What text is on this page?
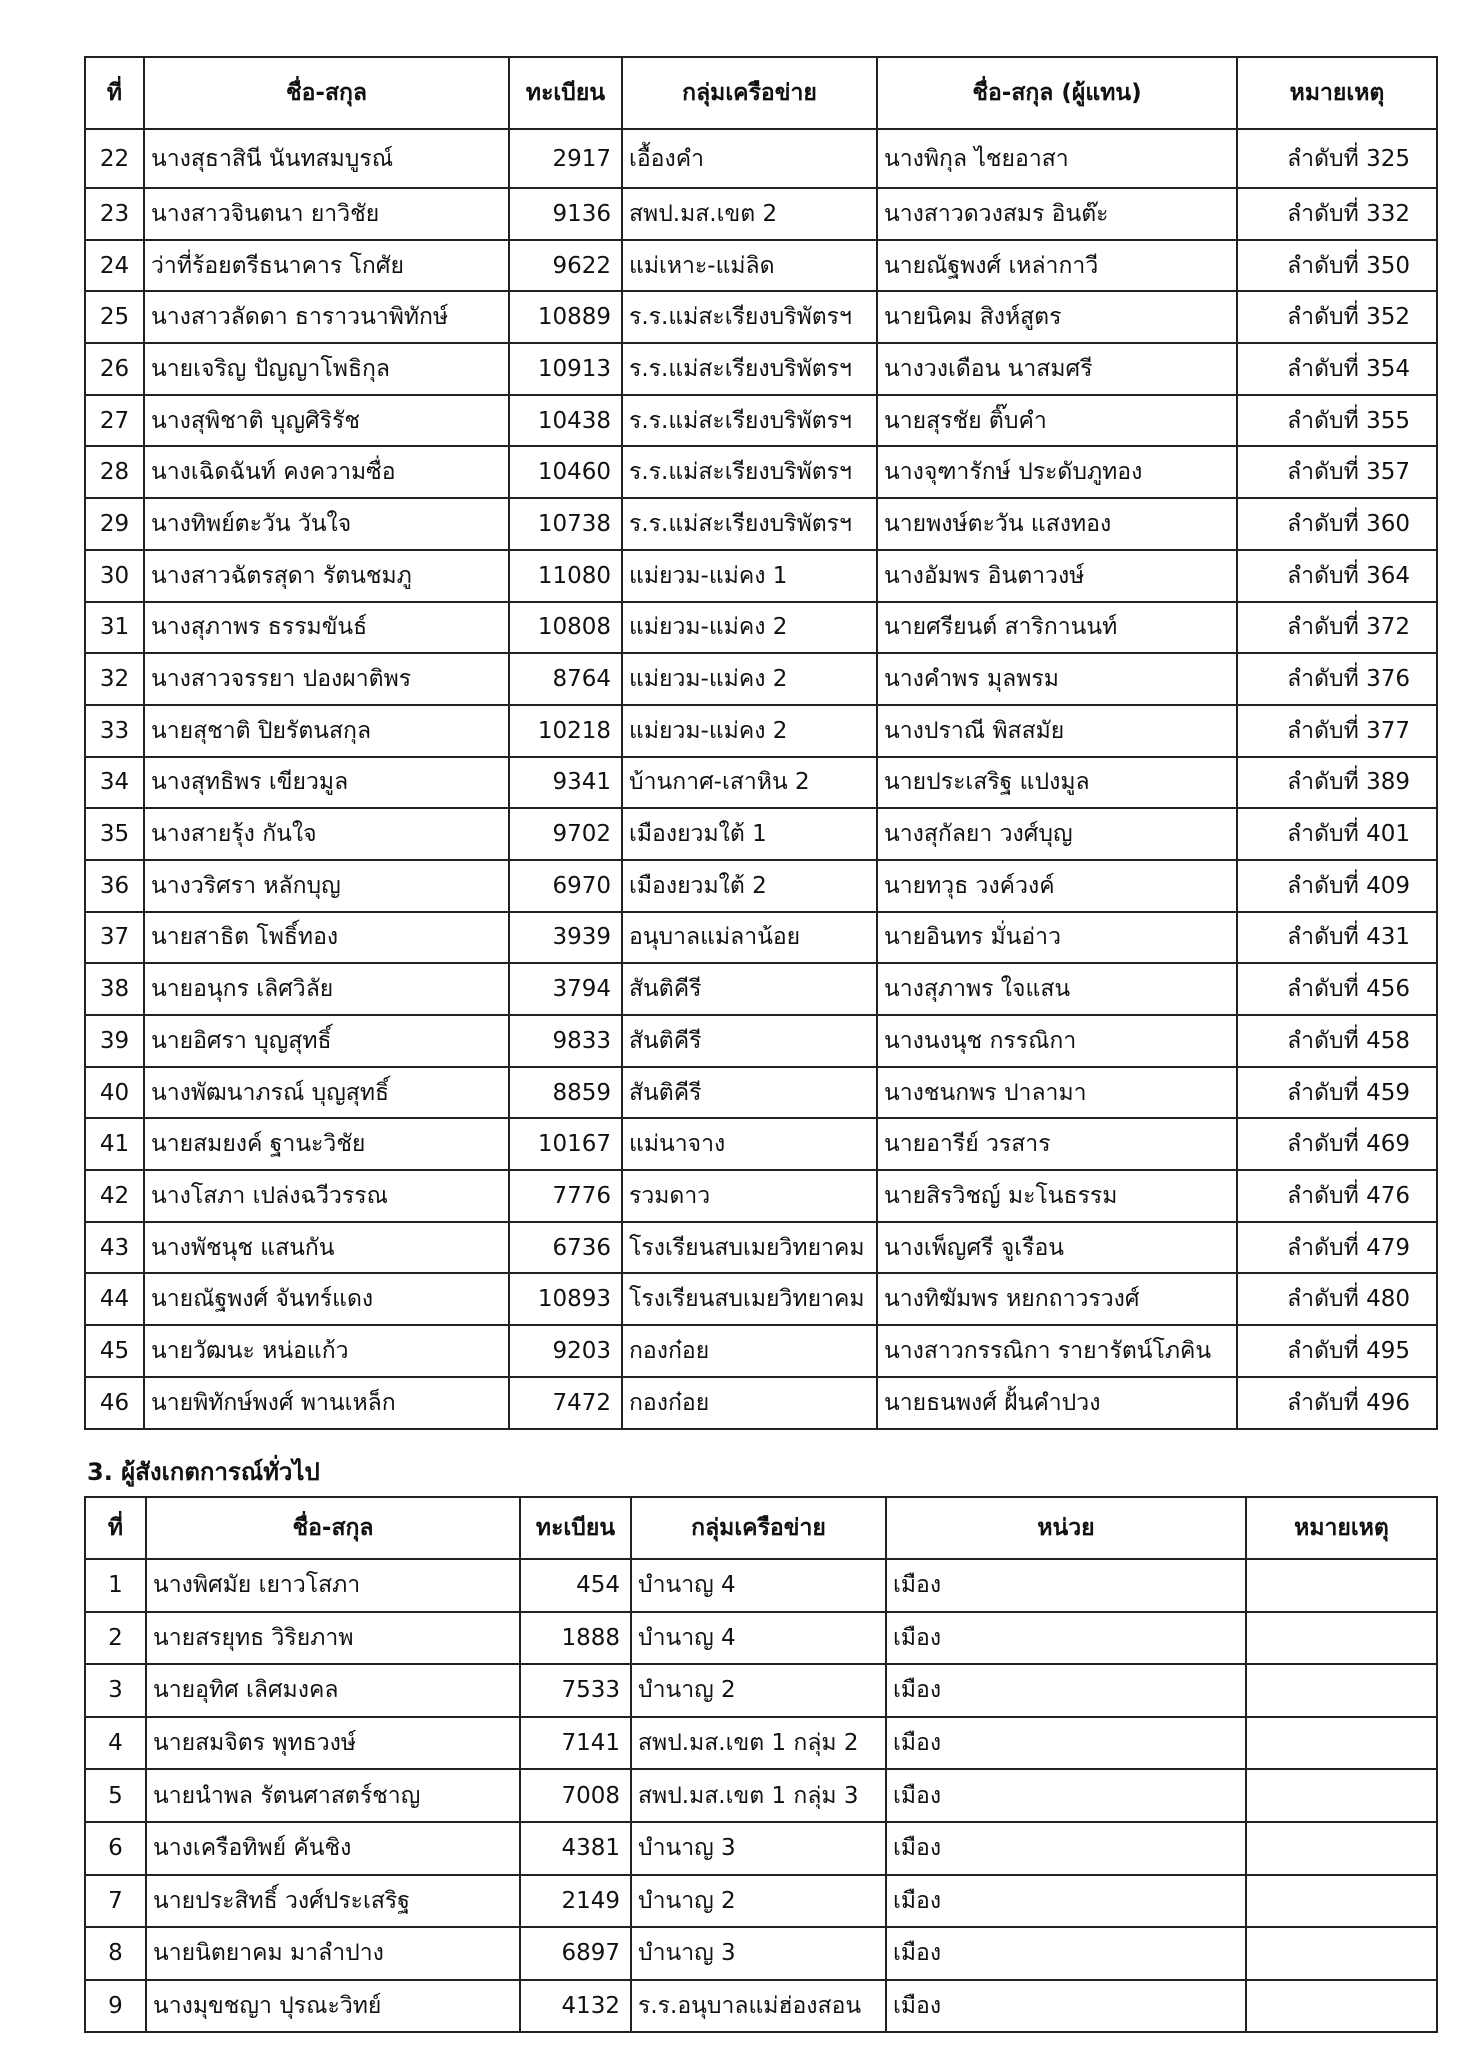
ที่	ชื่อ-สกุล	ทะเบียน	กลุ่มเครือข่าย	ชื่อ-สกุล (ผู้แทน)	หมายเหตุ
22	นางสุธาสินี นันทสมบูรณ์	2917	เอื้องคำ	นางพิกุล ไชยอาสา	ลำดับที่ 325
23	นางสาวจินตนา ยาวิชัย	9136	สพป.มส.เขต 2	นางสาวดวงสมร อินต๊ะ	ลำดับที่ 332
24	ว่าที่ร้อยตรีธนาคาร โกศัย	9622	แม่เหาะ-แม่ลิด	นายณัฐพงศ์ เหล่ากาวี	ลำดับที่ 350
25	นางสาวลัดดา ธาราวนาพิทักษ์	10889	ร.ร.แม่สะเรียงบริพัตรฯ	นายนิคม สิงห์สูตร	ลำดับที่ 352
26	นายเจริญ ปัญญาโพธิกุล	10913	ร.ร.แม่สะเรียงบริพัตรฯ	นางวงเดือน นาสมศรี	ลำดับที่ 354
27	นางสุพิชาติ บุญศิริรัช	10438	ร.ร.แม่สะเรียงบริพัตรฯ	นายสุรชัย ติ๊บคำ	ลำดับที่ 355
28	นางเฉิดฉันท์ คงความซื่อ	10460	ร.ร.แม่สะเรียงบริพัตรฯ	นางจุฑารักษ์ ประดับภูทอง	ลำดับที่ 357
29	นางทิพย์ตะวัน วันใจ	10738	ร.ร.แม่สะเรียงบริพัตรฯ	นายพงษ์ตะวัน แสงทอง	ลำดับที่ 360
30	นางสาวฉัตรสุดา รัตนชมภู	11080	แม่ยวม-แม่คง 1	นางอัมพร อินตาวงษ์	ลำดับที่ 364
31	นางสุภาพร ธรรมขันธ์	10808	แม่ยวม-แม่คง 2	นายศรียนต์ สาริกานนท์	ลำดับที่ 372
32	นางสาวจรรยา ปองผาติพร	8764	แม่ยวม-แม่คง 2	นางคำพร มุลพรม	ลำดับที่ 376
33	นายสุชาติ ปิยรัตนสกุล	10218	แม่ยวม-แม่คง 2	นางปราณี พิสสมัย	ลำดับที่ 377
34	นางสุทธิพร เขียวมูล	9341	บ้านกาศ-เสาหิน 2	นายประเสริฐ แปงมูล	ลำดับที่ 389
35	นางสายรุ้ง กันใจ	9702	เมืองยวมใต้ 1	นางสุกัลยา วงศ์บุญ	ลำดับที่ 401
36	นางวริศรา หลักบุญ	6970	เมืองยวมใต้ 2	นายทวุธ วงค์วงค์	ลำดับที่ 409
37	นายสาธิต โพธิ์ทอง	3939	อนุบาลแม่ลาน้อย	นายอินทร มั่นอ่าว	ลำดับที่ 431
38	นายอนุกร เลิศวิลัย	3794	สันติคีรี	นางสุภาพร ใจแสน	ลำดับที่ 456
39	นายอิศรา บุญสุทธิ์	9833	สันติคีรี	นางนงนุช กรรณิกา	ลำดับที่ 458
40	นางพัฒนาภรณ์ บุญสุทธิ์	8859	สันติคีรี	นางชนกพร ปาลามา	ลำดับที่ 459
41	นายสมยงค์ ฐานะวิชัย	10167	แม่นาจาง	นายอารีย์ วรสาร	ลำดับที่ 469
42	นางโสภา เปล่งฉวีวรรณ	7776	รวมดาว	นายสิรวิชญ์ มะโนธรรม	ลำดับที่ 476
43	นางพัชนุช แสนกัน	6736	โรงเรียนสบเมยวิทยาคม	นางเพ็ญศรี จูเรือน	ลำดับที่ 479
44	นายณัฐพงศ์ จันทร์แดง	10893	โรงเรียนสบเมยวิทยาคม	นางทิฆัมพร หยกถาวรวงศ์	ลำดับที่ 480
45	นายวัฒนะ หน่อแก้ว	9203	กองก๋อย	นางสาวกรรณิกา รายารัตน์โภคิน	ลำดับที่ 495
46	นายพิทักษ์พงศ์ พานเหล็ก	7472	กองก๋อย	นายธนพงศ์ ฝั้นคำปวง	ลำดับที่ 496
3. ผู้สังเกตการณ์ทั่วไป
ที่	ชื่อ-สกุล	ทะเบียน	กลุ่มเครือข่าย	หน่วย	หมายเหตุ
1	นางพิศมัย เยาวโสภา	454	บำนาญ 4	เมือง	
2	นายสรยุทธ วิริยภาพ	1888	บำนาญ 4	เมือง	
3	นายอุทิศ เลิศมงคล	7533	บำนาญ 2	เมือง	
4	นายสมจิตร พุทธวงษ์	7141	สพป.มส.เขต 1 กลุ่ม 2	เมือง	
5	นายนำพล รัตนศาสตร์ชาญ	7008	สพป.มส.เขต 1 กลุ่ม 3	เมือง	
6	นางเครือทิพย์ คันชิง	4381	บำนาญ 3	เมือง	
7	นายประสิทธิ์ วงศ์ประเสริฐ	2149	บำนาญ 2	เมือง	
8	นายนิตยาคม มาลำปาง	6897	บำนาญ 3	เมือง	
9	นางมุขชญา ปุรณะวิทย์	4132	ร.ร.อนุบาลแม่ฮ่องสอน	เมือง	
